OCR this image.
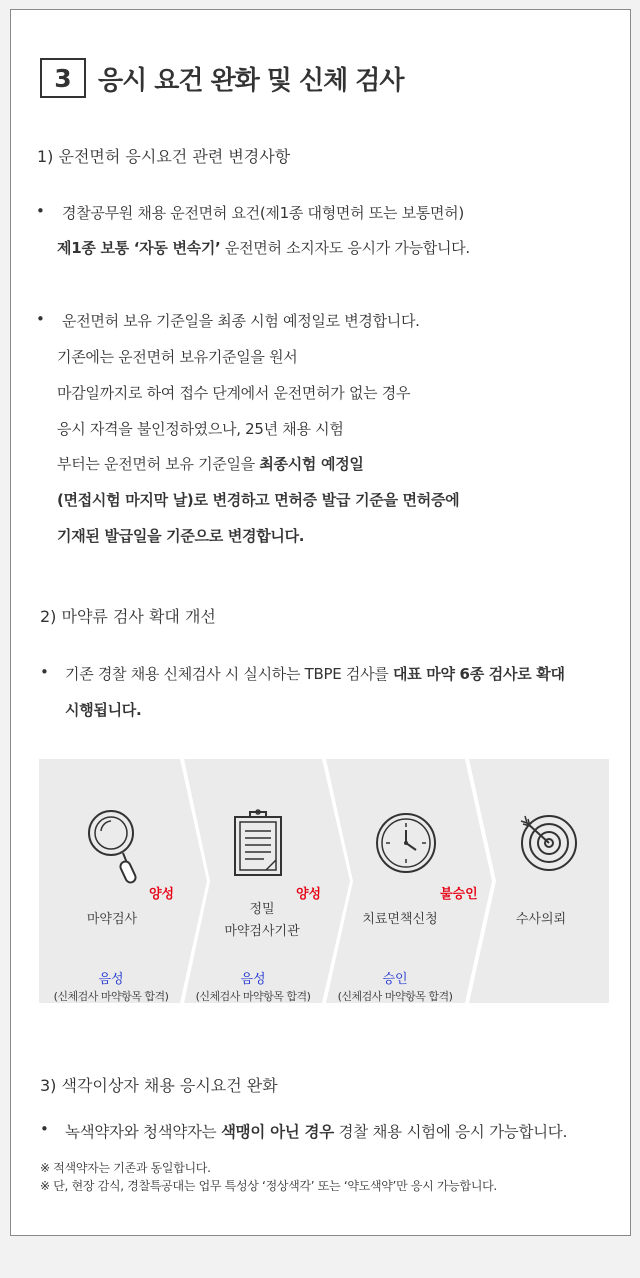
3	응시 요건 완화 및 신체 검사
1) 운전면허 응시요건 관련 변경사항
• 경찰공무원 채용 운전면허 요건(제1종 대형면허 또는 보통면허)
제1종 보통 ‘자동 변속기’ 운전면허 소지자도 응시가 가능합니다.
• 운전면허 보유 기준일을 최종 시험 예정일로 변경합니다.
기존에는 운전면허 보유기준일을 원서
마감일까지로 하여 접수 단계에서 운전면허가 없는 경우
응시 자격을 불인정하였으나, 25년 채용 시험
부터는 운전면허 보유 기준일을 최종시험 예정일
(면접시험 마지막 날)로 변경하고 면허증 발급 기준을 면허증에
기재된 발급일을 기준으로 변경합니다.
2) 마약류 검사 확대 개선
• 기존 경찰 채용 신체검사 시 실시하는 TBPE 검사를 대표 마약 6종 검사로 확대
시행됩니다.
양성
마약검사
음성
(신체검사 마약항목 합격)
양성
정밀
마약검사기관
음성
(신체검사 마약항목 합격)
불승인
치료면책신청
승인
(신체검사 마약항목 합격)
수사의뢰
3) 색각이상자 채용 응시요건 완화
• 녹색약자와 청색약자는 색맹이 아닌 경우 경찰 채용 시험에 응시 가능합니다.
※ 적색약자는 기존과 동일합니다.
※ 단, 현장 감식, 경찰특공대는 업무 특성상 ‘정상색각’ 또는 ‘약도색약’만 응시 가능합니다.
